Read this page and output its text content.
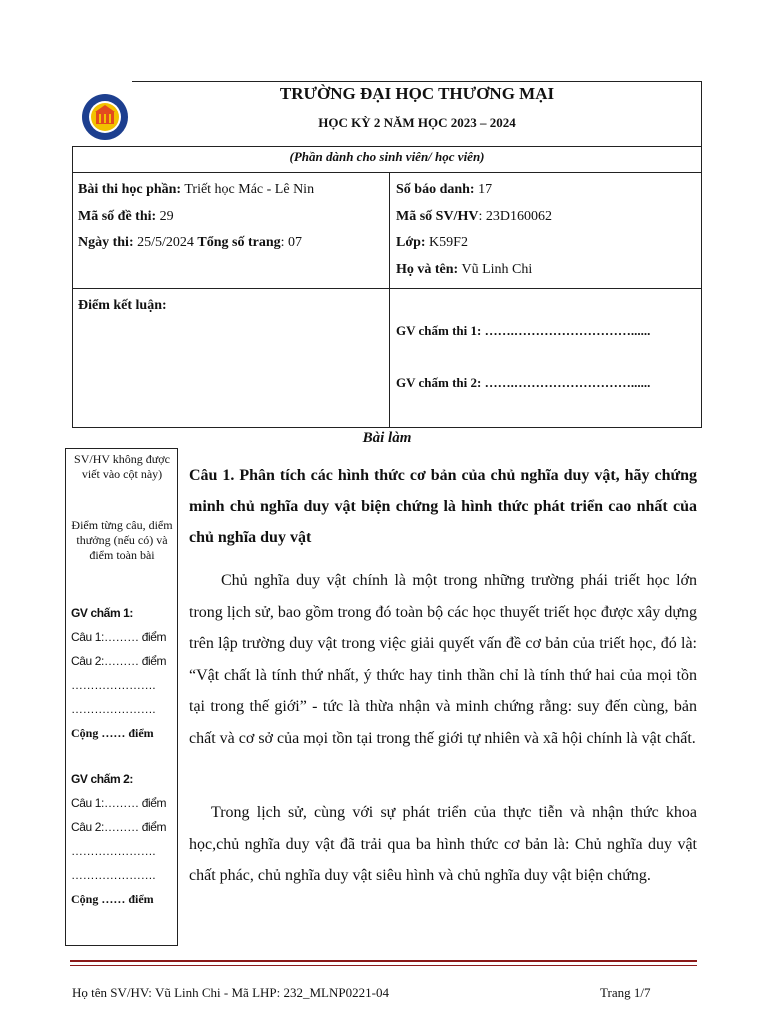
TRƯỜNG ĐẠI HỌC THƯƠNG MẠI
HỌC KỲ 2 NĂM HỌC 2023 – 2024
(Phần dành cho sinh viên/ học viên)
Bài thi học phần: Triết học Mác - Lê Nin
Mã số đề thi: 29
Ngày thi: 25/5/2024 Tổng số trang: 07
Số báo danh: 17
Mã số SV/HV: 23D160062
Lớp: K59F2
Họ và tên: Vũ Linh Chi
Điểm kết luận:
GV chấm thi 1: …….………………………......
GV chấm thi 2: …….………………………......
Bài làm
SV/HV không được viết vào cột này)
Điểm từng câu, diểm thưởng (nếu có) và điểm toàn bài
GV chấm 1:
Câu 1:……… điểm
Câu 2:……… điểm
………………….
………………….
Cộng …… điểm
GV chấm 2:
Câu 1:……… điểm
Câu 2:……… điểm
………………….
………………….
Cộng …… điểm
Câu 1. Phân tích các hình thức cơ bản của chủ nghĩa duy vật, hãy chứng minh chủ nghĩa duy vật biện chứng là hình thức phát triển cao nhất của chủ nghĩa duy vật
Chủ nghĩa duy vật chính là một trong những trường phái triết học lớn trong lịch sử, bao gồm trong đó toàn bộ các học thuyết triết học được xây dựng trên lập trường duy vật trong việc giải quyết vấn đề cơ bản của triết học, đó là: “Vật chất là tính thứ nhất, ý thức hay tinh thần chỉ là tính thứ hai của mọi tồn tại trong thế giới” - tức là thừa nhận và minh chứng rằng: suy đến cùng, bản chất và cơ sở của mọi tồn tại trong thế giới tự nhiên và xã hội chính là vật chất.
Trong lịch sử, cùng với sự phát triển của thực tiễn và nhận thức khoa học,chủ nghĩa duy vật đã trải qua ba hình thức cơ bản là: Chủ nghĩa duy vật chất phác, chủ nghĩa duy vật siêu hình và chủ nghĩa duy vật biện chứng.
Họ tên SV/HV: Vũ Linh Chi - Mã LHP: 232_MLNP0221-04	Trang 1/7
